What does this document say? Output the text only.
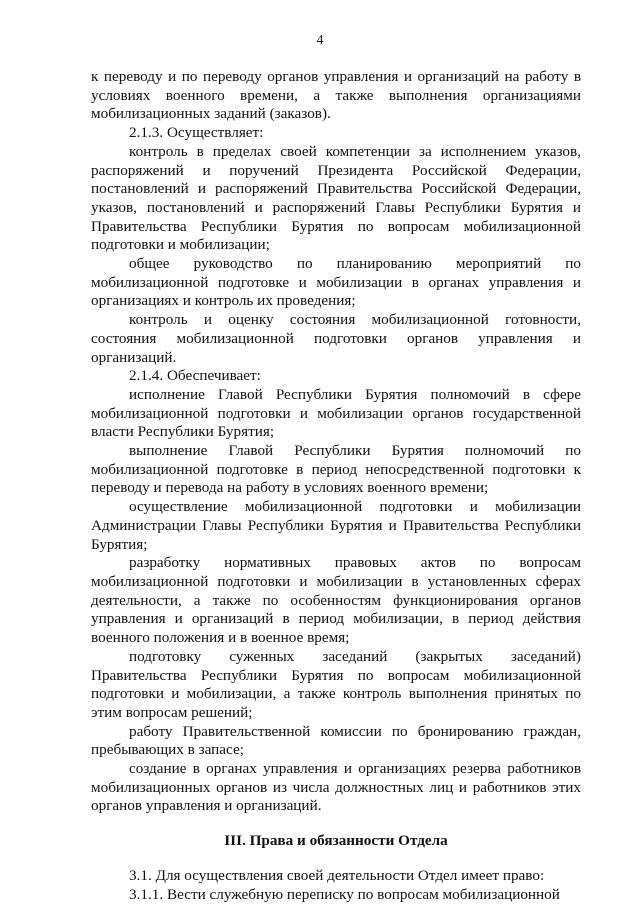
4

к переводу и по переводу органов управления и организаций на работу в условиях военного времени, а также выполнения организациями мобилизационных заданий (заказов).

2.1.3. Осуществляет:

контроль в пределах своей компетенции за исполнением указов, распоряжений и поручений Президента Российской Федерации, постановлений и распоряжений Правительства Российской Федерации, указов, постановлений и распоряжений Главы Республики Бурятия и Правительства Республики Бурятия по вопросам мобилизационной подготовки и мобилизации;

общее руководство по планированию мероприятий по мобилизационной подготовке и мобилизации в органах управления и организациях и контроль их проведения;

контроль и оценку состояния мобилизационной готовности, состояния мобилизационной подготовки органов управления и организаций.

2.1.4. Обеспечивает:

исполнение Главой Республики Бурятия полномочий в сфере мобилизационной подготовки и мобилизации органов государственной власти Республики Бурятия;

выполнение Главой Республики Бурятия полномочий по мобилизационной подготовке в период непосредственной подготовки к переводу и перевода на работу в условиях военного времени;

осуществление мобилизационной подготовки и мобилизации Администрации Главы Республики Бурятия и Правительства Республики Бурятия;

разработку нормативных правовых актов по вопросам мобилизационной подготовки и мобилизации в установленных сферах деятельности, а также по особенностям функционирования органов управления и организаций в период мобилизации, в период действия военного положения и в военное время;

подготовку суженных заседаний (закрытых заседаний) Правительства Республики Бурятия по вопросам мобилизационной подготовки и мобилизации, а также контроль выполнения принятых по этим вопросам решений;

работу Правительственной комиссии по бронированию граждан, пребывающих в запасе;

создание в органах управления и организациях резерва работников мобилизационных органов из числа должностных лиц и работников этих органов управления и организаций.

III. Права и обязанности Отдела

3.1. Для осуществления своей деятельности Отдел имеет право:

3.1.1. Вести служебную переписку по вопросам мобилизационной
